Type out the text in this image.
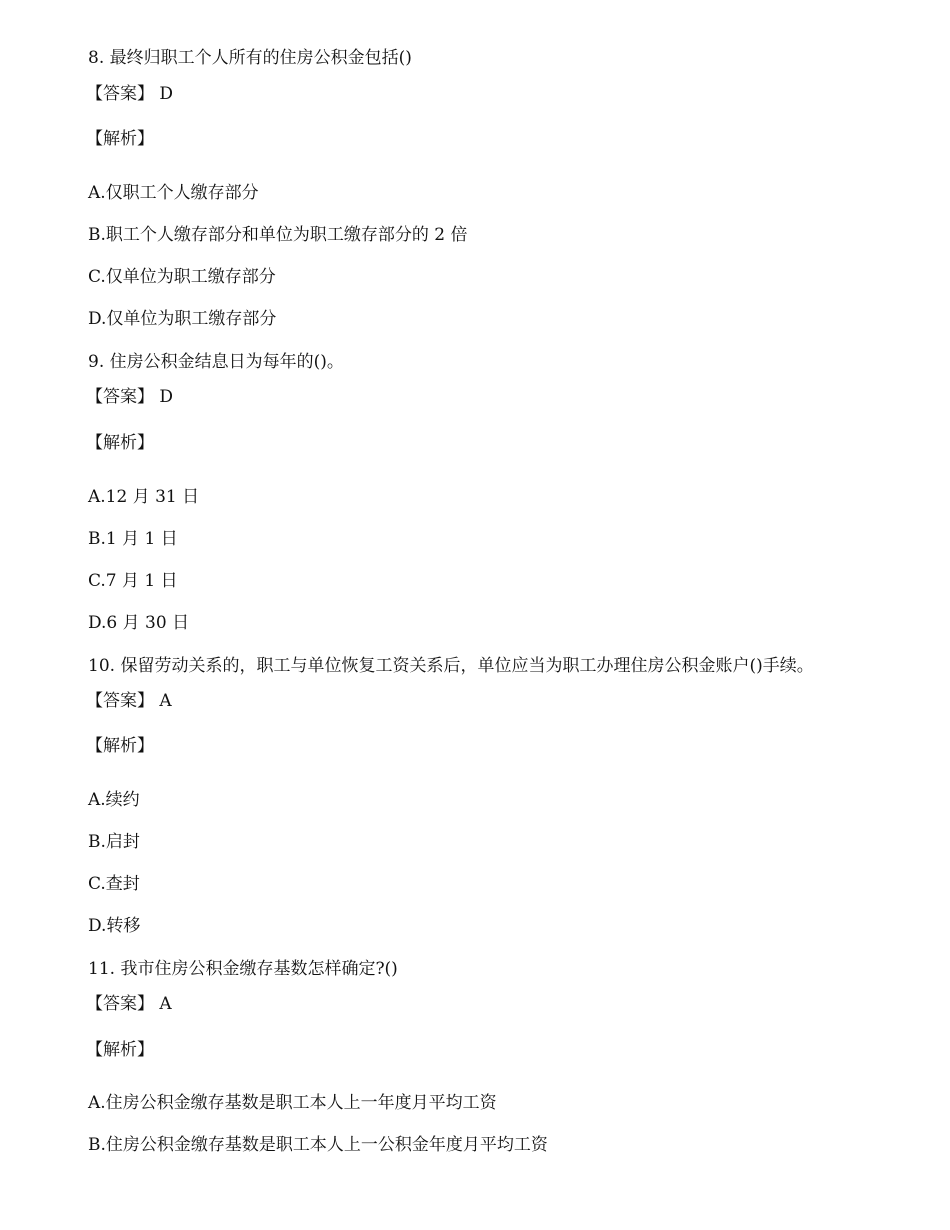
8. 最终归职工个人所有的住房公积金包括()
【答案】 D
【解析】
A.仅职工个人缴存部分
B.职工个人缴存部分和单位为职工缴存部分的 2 倍
C.仅单位为职工缴存部分
D.仅单位为职工缴存部分
9. 住房公积金结息日为每年的()。
【答案】 D
【解析】
A.12 月 31 日
B.1 月 1 日
C.7 月 1 日
D.6 月 30 日
10. 保留劳动关系的，职工与单位恢复工资关系后，单位应当为职工办理住房公积金账户()手续。
【答案】 A
【解析】
A.续约
B.启封
C.查封
D.转移
11. 我市住房公积金缴存基数怎样确定?()
【答案】 A
【解析】
A.住房公积金缴存基数是职工本人上一年度月平均工资
B.住房公积金缴存基数是职工本人上一公积金年度月平均工资
